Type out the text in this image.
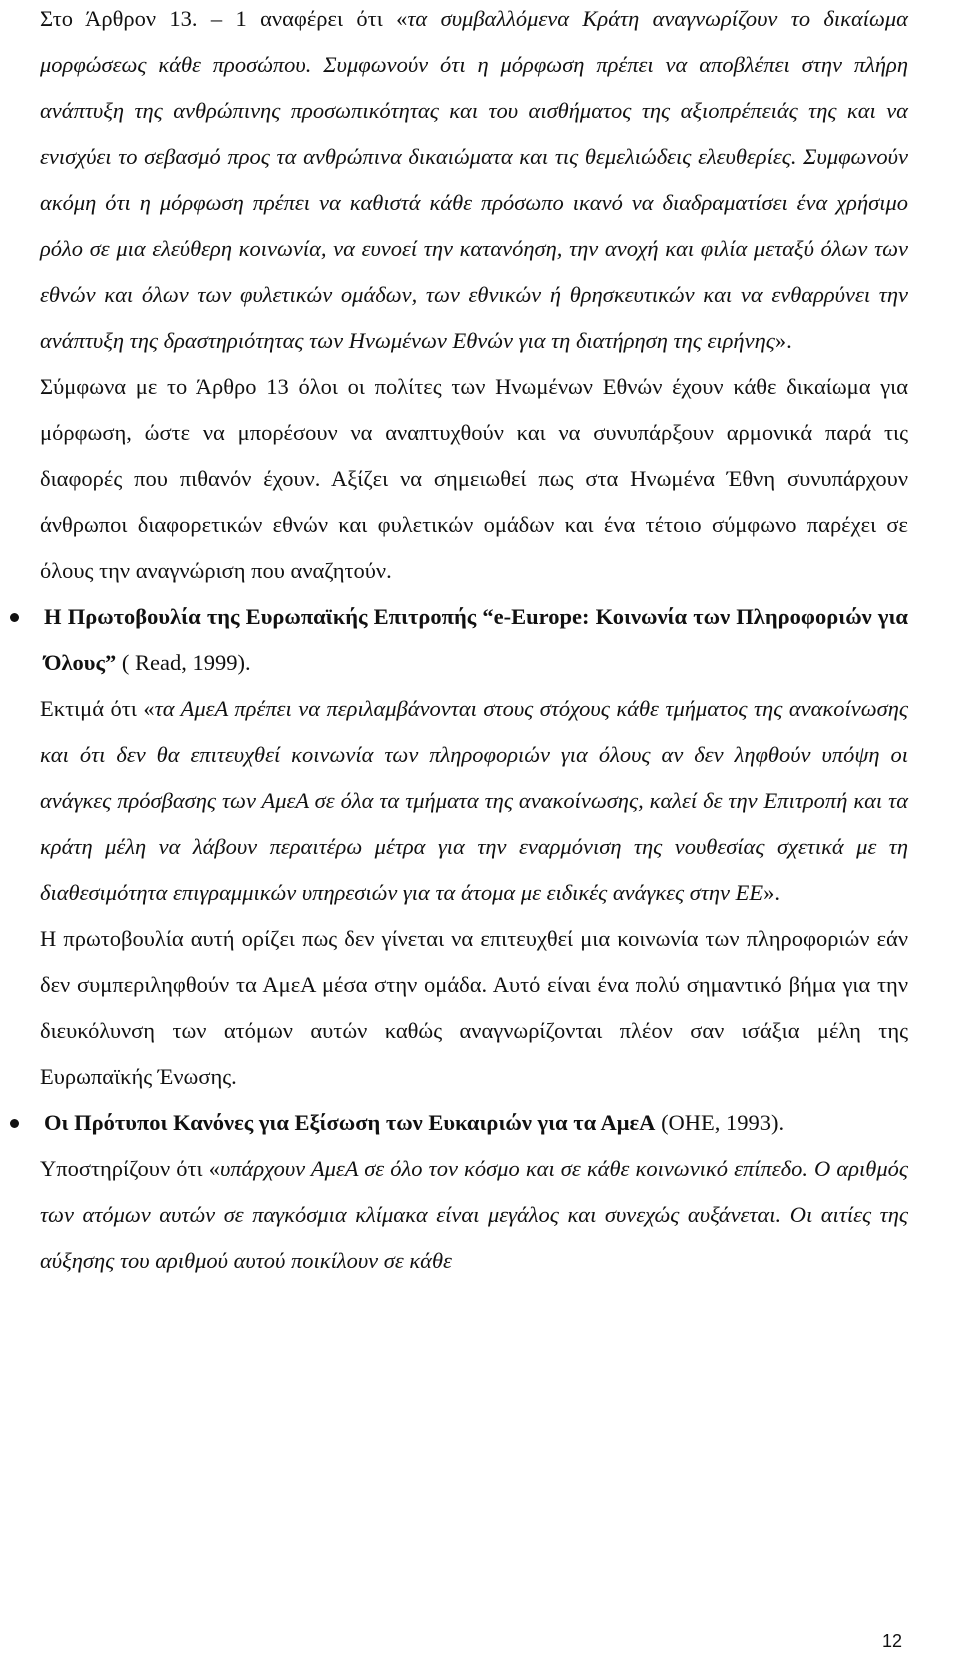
Στο Άρθρον 13. – 1 αναφέρει ότι «τα συμβαλλόμενα Κράτη αναγνωρίζουν το δικαίωμα μορφώσεως κάθε προσώπου. Συμφωνούν ότι η μόρφωση πρέπει να αποβλέπει στην πλήρη ανάπτυξη της ανθρώπινης προσωπικότητας και του αισθήματος της αξιοπρέπειάς της και να ενισχύει το σεβασμό προς τα ανθρώπινα δικαιώματα και τις θεμελιώδεις ελευθερίες. Συμφωνούν ακόμη ότι η μόρφωση πρέπει να καθιστά κάθε πρόσωπο ικανό να διαδραματίσει ένα χρήσιμο ρόλο σε μια ελεύθερη κοινωνία, να ευνοεί την κατανόηση, την ανοχή και φιλία μεταξύ όλων των εθνών και όλων των φυλετικών ομάδων, των εθνικών ή θρησκευτικών και να ενθαρρύνει την ανάπτυξη της δραστηριότητας των Ηνωμένων Εθνών για τη διατήρηση της ειρήνης».

Σύμφωνα με το Άρθρο 13 όλοι οι πολίτες των Ηνωμένων Εθνών έχουν κάθε δικαίωμα για μόρφωση, ώστε να μπορέσουν να αναπτυχθούν και να συνυπάρξουν αρμονικά παρά τις διαφορές που πιθανόν έχουν. Αξίζει να σημειωθεί πως στα Ηνωμένα Έθνη συνυπάρχουν άνθρωποι διαφορετικών εθνών και φυλετικών ομάδων και ένα τέτοιο σύμφωνο παρέχει σε όλους την αναγνώριση που αναζητούν.

Η Πρωτοβουλία της Ευρωπαϊκής Επιτροπής “e-Europe: Κοινωνία των Πληροφοριών για Όλους” ( Read, 1999).

Εκτιμά ότι «τα ΑμεΑ πρέπει να περιλαμβάνονται στους στόχους κάθε τμήματος της ανακοίνωσης και ότι δεν θα επιτευχθεί κοινωνία των πληροφοριών για όλους αν δεν ληφθούν υπόψη οι ανάγκες πρόσβασης των ΑμεΑ σε όλα τα τμήματα της ανακοίνωσης, καλεί δε την Επιτροπή και τα κράτη μέλη να λάβουν περαιτέρω μέτρα για την εναρμόνιση της νουθεσίας σχετικά με τη διαθεσιμότητα επιγραμμικών υπηρεσιών για τα άτομα με ειδικές ανάγκες στην ΕΕ».

Η πρωτοβουλία αυτή ορίζει πως δεν γίνεται να επιτευχθεί μια κοινωνία των πληροφοριών εάν δεν συμπεριληφθούν τα ΑμεΑ μέσα στην ομάδα. Αυτό είναι ένα πολύ σημαντικό βήμα για την διευκόλυνση των ατόμων αυτών καθώς αναγνωρίζονται πλέον σαν ισάξια μέλη της Ευρωπαϊκής Ένωσης.

Οι Πρότυποι Κανόνες για Εξίσωση των Ευκαιριών για τα ΑμεΑ (ΟΗΕ, 1993).

Υποστηρίζουν ότι «υπάρχουν ΑμεΑ σε όλο τον κόσμο και σε κάθε κοινωνικό επίπεδο. Ο αριθμός των ατόμων αυτών σε παγκόσμια κλίμακα είναι μεγάλος και συνεχώς αυξάνεται. Οι αιτίες της αύξησης του αριθμού αυτού ποικίλουν σε κάθε

12
